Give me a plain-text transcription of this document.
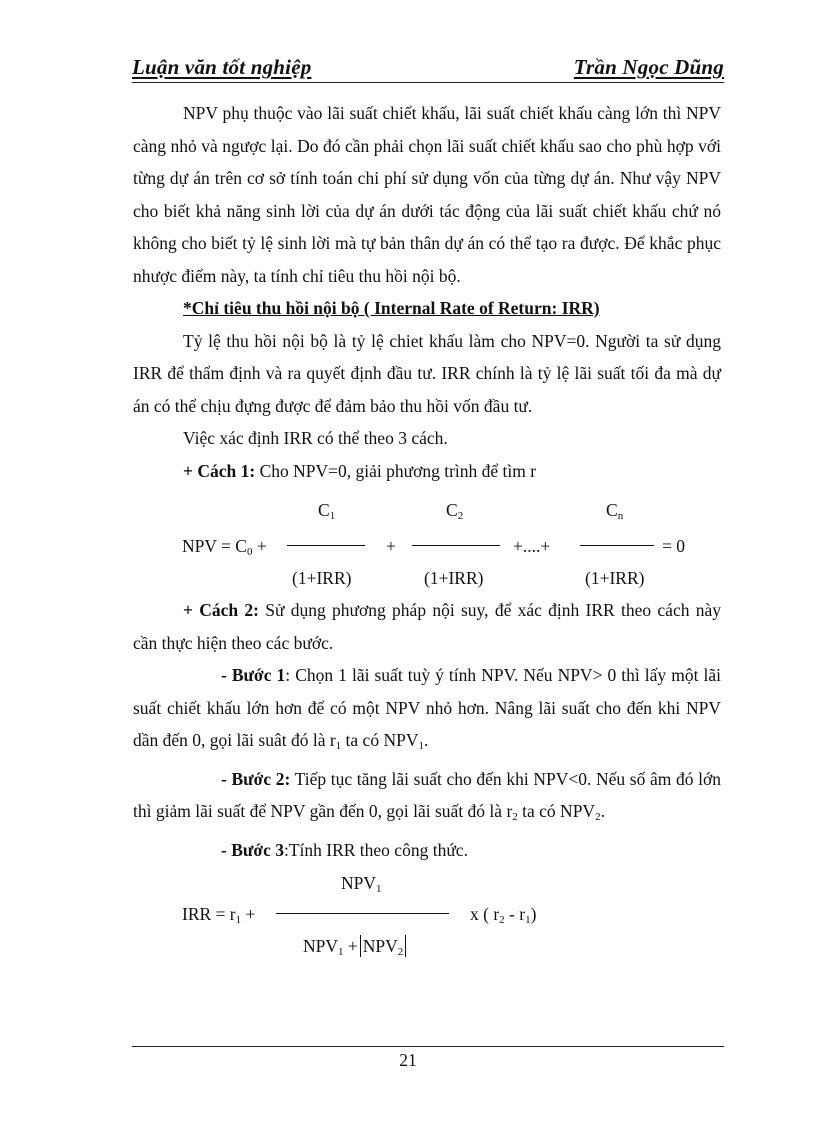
Luận văn tốt nghiệp	Trần Ngọc Dũng

NPV phụ thuộc vào lãi suất chiết khấu, lãi suất chiết khấu càng lớn thì NPV càng nhỏ và ngược lại. Do đó cần phải chọn lãi suất chiết khấu sao cho phù hợp với từng dự án trên cơ sở tính toán chi phí sử dụng vốn của từng dự án. Như vậy NPV cho biết khả năng sinh lời của dự án dưới tác động của lãi suất chiết khấu chứ nó không cho biết tỷ lệ sinh lời mà tự bản thân dự án có thể tạo ra được. Để khắc phục nhược điểm này, ta tính chỉ tiêu thu hồi nội bộ.

*Chỉ tiêu thu hồi nội bộ ( Internal Rate of Return: IRR)

Tỷ lệ thu hồi nội bộ là tỷ lệ chiet khấu làm cho NPV=0. Người ta sử dụng IRR để thẩm định và ra quyết định đầu tư. IRR chính là tỷ lệ lãi suất tối đa mà dự án có thể chịu đựng được để đảm bảo thu hồi vốn đầu tư.

Việc xác định IRR có thể theo 3 cách.

+ Cách 1: Cho NPV=0, giải phương trình để tìm r

$C_1$	$C_2$	$C_n$
NPV = $C_0$ +	+	+....+	= 0
(1+IRR)	(1+IRR)	(1+IRR)

+ Cách 2: Sử dụng phương pháp nội suy, để xác định IRR theo cách này cần thực hiện theo các bước.

- Bước 1: Chọn 1 lãi suất tuỳ ý tính NPV. Nếu NPV> 0 thì lấy một lãi suất chiết khấu lớn hơn để có một NPV nhỏ hơn. Nâng lãi suất cho đến khi NPV dần đến 0, gọi lãi suât đó là $r_1$ ta có $NPV_1$.

- Bước 2: Tiếp tục tăng lãi suất cho đến khi NPV<0. Nếu số âm đó lớn thì giảm lãi suất để NPV gần đến 0, gọi lãi suất đó là $r_2$ ta có $NPV_2$.

- Bước 3:Tính IRR theo công thức.

$NPV_1$
IRR = $r_1$ +	x ( $r_2 - r_1$)
$NPV_1 + NPV_2$
21
